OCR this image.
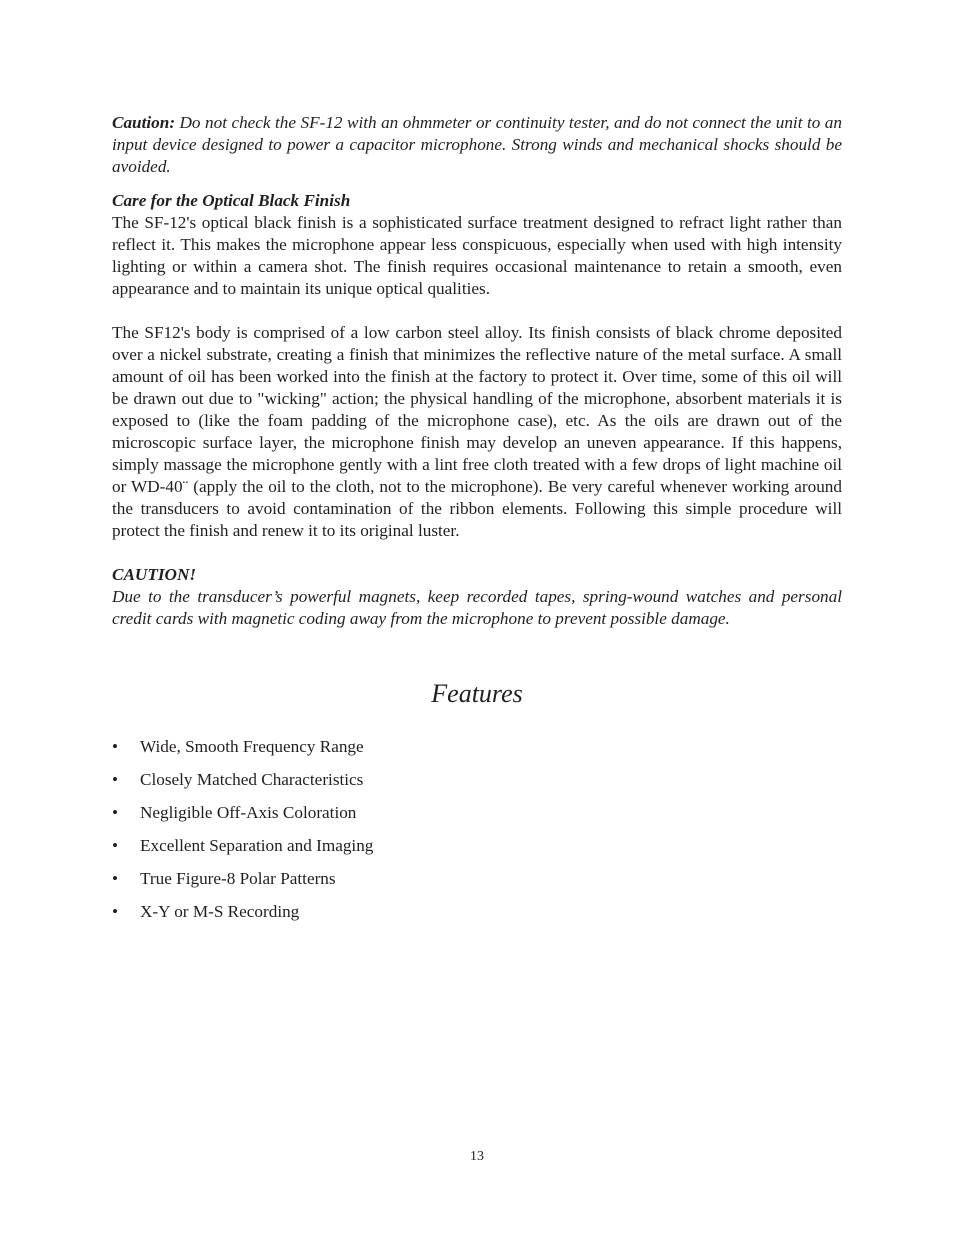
Caution: Do not check the SF-12 with an ohmmeter or continuity tester, and do not connect the unit to an input device designed to power a capacitor microphone. Strong winds and mechanical shocks should be avoided.

Care for the Optical Black Finish

The SF-12's optical black finish is a sophisticated surface treatment designed to refract light rather than reflect it. This makes the microphone appear less conspicuous, especially when used with high intensity lighting or within a camera shot. The finish requires occasional maintenance to retain a smooth, even appearance and to maintain its unique optical qualities.

The SF12's body is comprised of a low carbon steel alloy. Its finish consists of black chrome deposited over a nickel substrate, creating a finish that minimizes the reflective nature of the metal surface. A small amount of oil has been worked into the finish at the factory to protect it. Over time, some of this oil will be drawn out due to "wicking" action; the physical handling of the microphone, absorbent materials it is exposed to (like the foam padding of the microphone case), etc. As the oils are drawn out of the microscopic surface layer, the microphone finish may develop an uneven appearance. If this happens, simply massage the microphone gently with a lint free cloth treated with a few drops of light machine oil or WD-40¨ (apply the oil to the cloth, not to the microphone). Be very careful whenever working around the transducers to avoid contamination of the ribbon elements. Following this simple procedure will protect the finish and renew it to its original luster.

CAUTION!

Due to the transducer’s powerful magnets, keep recorded tapes, spring-wound watches and personal credit cards with magnetic coding away from the microphone to prevent possible damage.

Features
• Wide, Smooth Frequency Range
• Closely Matched Characteristics
• Negligible Off-Axis Coloration
• Excellent Separation and Imaging
• True Figure-8 Polar Patterns
• X-Y or M-S Recording
13
